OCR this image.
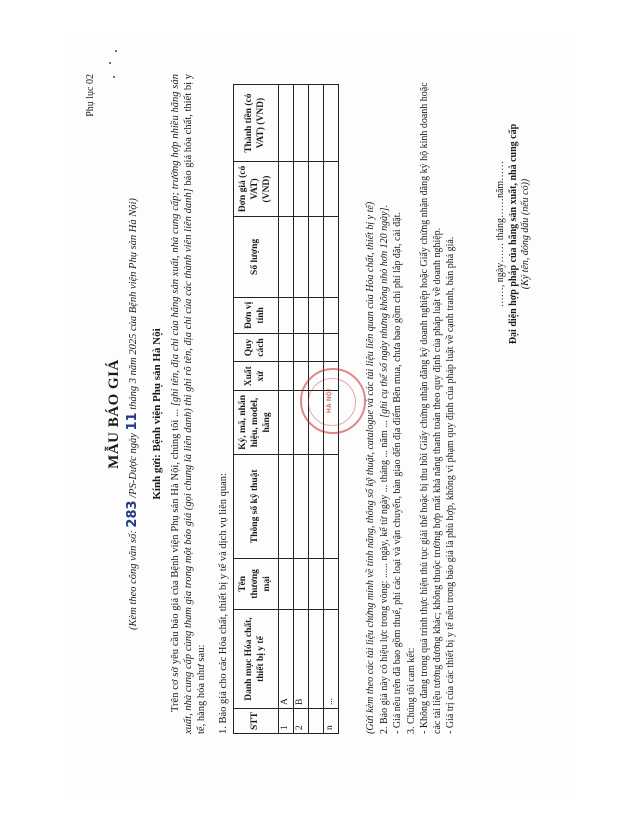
Phụ lục 02
MẪU BÁO GIÁ
(Kèm theo công văn số: 283 /PS-Dược ngày 11 tháng 3 năm 2025 của Bệnh viện Phụ sản Hà Nội)
Kính gửi: Bệnh viện Phụ sản Hà Nội Trên cơ sở yêu cầu báo giá của Bệnh viện Phụ sản Hà Nội, chúng tôi ... [ghi tên, địa chỉ của hãng sản xuất, nhà cung cấp; trường hợp nhiều hãng sản xuất, nhà cung cấp cùng tham gia trong một báo giá (gọi chung là liên danh) thì ghi rõ tên, địa chỉ của các thành viên liên danh] báo giá hóa chất, thiết bị y tế, hàng hóa như sau: 1. Báo giá cho các Hóa chất, thiết bị y tế và dịch vụ liên quan: STT	Danh mục Hóa chất, thiết bị y tế	Tên thương mại	Thông số kỹ thuật	Ký, mã, nhãn hiệu, model, hãng	Xuất xứ	Quy cách	Đơn vị tính	Số lượng	Đơn giá (có VAT) (VND)	Thành tiền (có VAT) (VND)
1	A									
2	B									

n	...									
HÀ NỘI	(Gửi kèm theo các tài liệu chứng minh về tính năng, thông số kỹ thuật, catalogue và các tài liệu liên quan của Hóa chất, thiết bị y tế) 2. Báo giá này có hiệu lực trong vòng: ...... ngày, kể từ ngày ... tháng ... năm ... [ghi cụ thể số ngày nhưng không nhỏ hơn 120 ngày].

- Giá nêu trên đã bao gồm thuế, phí các loại và vận chuyển, bàn giao đến địa điểm Bên mua, chưa bao gồm chi phí lắp đặt, cài đặt. 3. Chúng tôi cam kết: - Không đang trong quá trình thực hiện thủ tục giải thể hoặc bị thu hồi Giấy chứng nhận đăng ký doanh nghiệp hoặc Giấy chứng nhận đăng ký hộ kinh doanh hoặc các tài liệu tương đương khác; không thuộc trường hợp mất khả năng thanh toán theo quy định của pháp luật về doanh nghiệp. - Giá trị của các thiết bị y tế nêu trong báo giá là phù hợp, không vi phạm quy định của pháp luật về cạnh tranh, bán phá giá.

……, ngày…… tháng……năm…… Đại diện hợp pháp của hãng sản xuất, nhà cung cấp (Ký tên, đóng dấu (nếu có))
